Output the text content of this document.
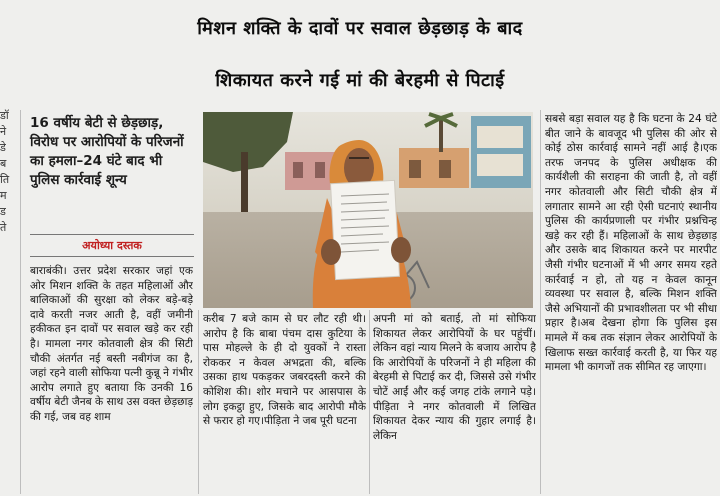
मिशन शक्ति के दावों पर सवाल छेड़छाड़ के बाद
शिकायत करने गई मां की बेरहमी से पिटाई
डॉ
ने
डे
ब
ति
म
ड
ते
16 वर्षीय बेटी से छेड़छाड़, विरोध पर आरोपियों के परिजनों का हमला–24 घंटे बाद भी पुलिस कार्रवाई शून्य
अयोध्या दस्तक

बाराबंकी। उत्तर प्रदेश सरकार जहां एक ओर मिशन शक्ति के तहत महिलाओं और बालिकाओं की सुरक्षा को लेकर बड़े-बड़े दावे करती नजर आती है, वहीं जमीनी हकीकत इन दावों पर सवाल खड़े कर रही है। मामला नगर कोतवाली क्षेत्र की सिटी चौकी अंतर्गत नई बस्ती नबीगंज का है, जहां रहने वाली सोफिया पत्नी कुन्नू ने गंभीर आरोप लगाते हुए बताया कि उनकी 16 वर्षीय बेटी जैनब के साथ उस वक्त छेड़छाड़ की गई, जब वह शाम

करीब 7 बजे काम से घर लौट रही थी।आरोप है कि बाबा पंचम दास कुटिया के पास मोहल्ले के ही दो युवकों ने रास्ता रोककर न केवल अभद्रता की, बल्कि उसका हाथ पकड़कर जबरदस्ती करने की कोशिश की। शोर मचाने पर आसपास के लोग इकट्ठा हुए, जिसके बाद आरोपी मौके से फरार हो गए।पीड़िता ने जब पूरी घटना

अपनी मां को बताई, तो मां सोफिया शिकायत लेकर आरोपियों के घर पहुंचीं। लेकिन वहां न्याय मिलने के बजाय आरोप है कि आरोपियों के परिजनों ने ही महिला की बेरहमी से पिटाई कर दी, जिससे उसे गंभीर चोटें आईं और कई जगह टांके लगाने पड़े।पीड़िता ने नगर कोतवाली में लिखित शिकायत देकर न्याय की गुहार लगाई है। लेकिन

सबसे बड़ा सवाल यह है कि घटना के 24 घंटे बीत जाने के बावजूद भी पुलिस की ओर से कोई ठोस कार्रवाई सामने नहीं आई है।एक तरफ जनपद के पुलिस अधीक्षक की कार्यशैली की सराहना की जाती है, तो वहीं नगर कोतवाली और सिटी चौकी क्षेत्र में लगातार सामने आ रही ऐसी घटनाएं स्थानीय पुलिस की कार्यप्रणाली पर गंभीर प्रश्नचिन्ह खड़े कर रही हैं। महिलाओं के साथ छेड़छाड़ और उसके बाद शिकायत करने पर मारपीट जैसी गंभीर घटनाओं में भी अगर समय रहते कार्रवाई न हो, तो यह न केवल कानून व्यवस्था पर सवाल है, बल्कि मिशन शक्ति जैसे अभियानों की प्रभावशीलता पर भी सीधा प्रहार है।अब देखना होगा कि पुलिस इस मामले में कब तक संज्ञान लेकर आरोपियों के खिलाफ सख्त कार्रवाई करती है, या फिर यह मामला भी कागजों तक सीमित रह जाएगा।
